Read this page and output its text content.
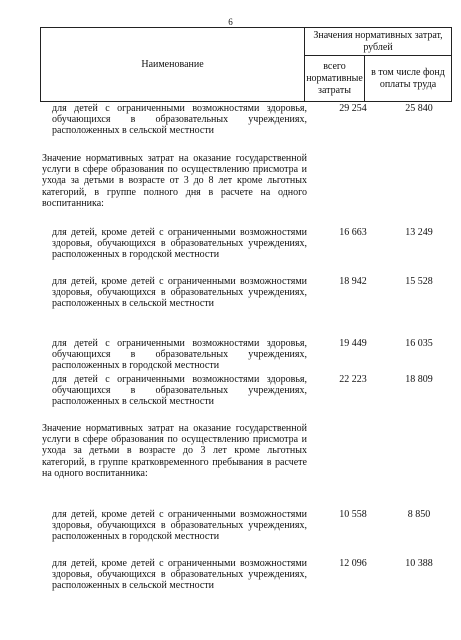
6
Наименование
Значения нормативных затрат, рублей
всего нормативные затраты
в том числе фонд оплаты труда
для детей с ограниченными возможностями здоровья, обучающихся в образовательных учреждениях, расположенных в сельской местности
29 254	25 840
Значение нормативных затрат на оказание государственной услуги в сфере образования по осуществлению присмотра и ухода за детьми в возрасте от 3 до 8 лет кроме льготных категорий, в группе полного дня в расчете на одного воспитанника:
для детей, кроме детей с ограниченными возможностями здоровья, обучающихся в образовательных учреждениях, расположенных в городской местности
16 663	13 249
для детей, кроме детей с ограниченными возможностями здоровья, обучающихся в образовательных учреждениях, расположенных в сельской местности
18 942	15 528
для детей с ограниченными возможностями здоровья, обучающихся в образовательных учреждениях, расположенных в городской местности
19 449	16 035
для детей с ограниченными возможностями здоровья, обучающихся в образовательных учреждениях, расположенных в сельской местности
22 223	18 809
Значение нормативных затрат на оказание государственной услуги в сфере образования по осуществлению присмотра и ухода за детьми в возрасте до 3 лет кроме льготных категорий, в группе кратковременного пребывания в расчете на одного воспитанника:
для детей, кроме детей с ограниченными возможностями здоровья, обучающихся в образовательных учреждениях, расположенных в городской местности
10 558	8 850
для детей, кроме детей с ограниченными возможностями здоровья, обучающихся в образовательных учреждениях, расположенных в сельской местности
12 096	10 388
